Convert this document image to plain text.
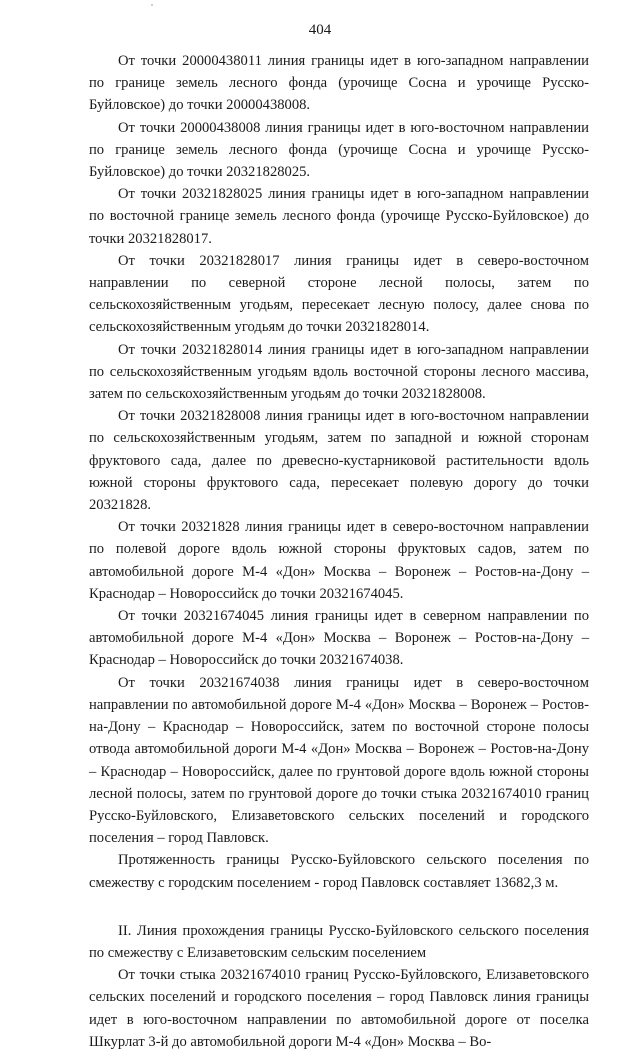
404

От точки 20000438011 линия границы идет в юго-западном направлении по границе земель лесного фонда (урочище Сосна и урочище Русско-Буйловское) до точки 20000438008.

От точки 20000438008 линия границы идет в юго-восточном направлении по границе земель лесного фонда (урочище Сосна и урочище Русско-Буйловское) до точки 20321828025.

От точки 20321828025 линия границы идет в юго-западном направлении по восточной границе земель лесного фонда (урочище Русско-Буйловское) до точки 20321828017.

От точки 20321828017 линия границы идет в северо-восточном направлении по северной стороне лесной полосы, затем по сельскохозяйственным угодьям, пересекает лесную полосу, далее снова по сельскохозяйственным угодьям до точки 20321828014.

От точки 20321828014 линия границы идет в юго-западном направлении по сельскохозяйственным угодьям вдоль восточной стороны лесного массива, затем по сельскохозяйственным угодьям до точки 20321828008.

От точки 20321828008 линия границы идет в юго-восточном направлении по сельскохозяйственным угодьям, затем по западной и южной сторонам фруктового сада, далее по древесно-кустарниковой растительности вдоль южной стороны фруктового сада, пересекает полевую дорогу до точки 20321828.

От точки 20321828 линия границы идет в северо-восточном направлении по полевой дороге вдоль южной стороны фруктовых садов, затем по автомобильной дороге М-4 «Дон» Москва – Воронеж – Ростов-на-Дону – Краснодар – Новороссийск до точки 20321674045.

От точки 20321674045 линия границы идет в северном направлении по автомобильной дороге М-4 «Дон» Москва – Воронеж – Ростов-на-Дону – Краснодар – Новороссийск до точки 20321674038.

От точки 20321674038 линия границы идет в северо-восточном направлении по автомобильной дороге М-4 «Дон» Москва – Воронеж – Ростов-на-Дону – Краснодар – Новороссийск, затем по восточной стороне полосы отвода автомобильной дороги М-4 «Дон» Москва – Воронеж – Ростов-на-Дону – Краснодар – Новороссийск, далее по грунтовой дороге вдоль южной стороны лесной полосы, затем по грунтовой дороге до точки стыка 20321674010 границ Русско-Буйловского, Елизаветовского сельских поселений и городского поселения – город Павловск.

Протяженность границы Русско-Буйловского сельского поселения по смежеству с городским поселением - город Павловск составляет 13682,3 м.

II. Линия прохождения границы Русско-Буйловского сельского поселения по смежеству с Елизаветовским сельским поселением

От точки стыка 20321674010 границ Русско-Буйловского, Елизаветовского сельских поселений и городского поселения – город Павловск линия границы идет в юго-восточном направлении по автомобильной дороге от поселка Шкурлат 3-й до автомобильной дороги М-4 «Дон» Москва – Во-
